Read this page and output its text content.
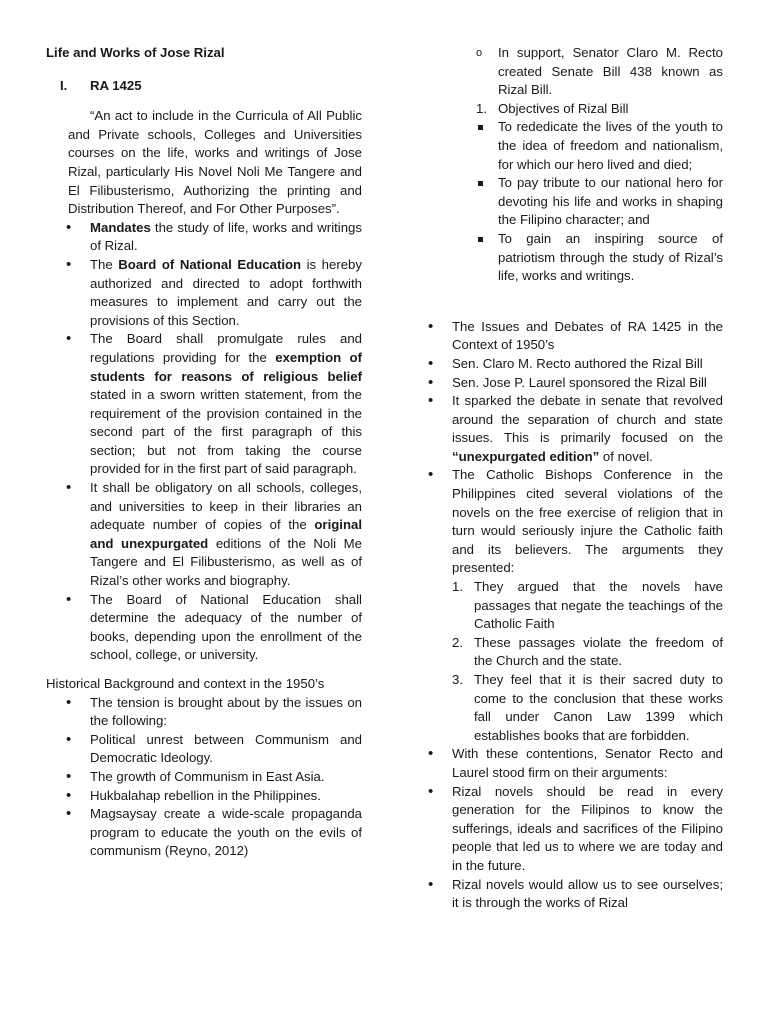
Life and Works of Jose Rizal

I.	RA 1425

“An act to include in the Curricula of All Public and Private schools, Colleges and Universities courses on the life, works and writings of Jose Rizal, particularly His Novel Noli Me Tangere and El Filibusterismo, Authorizing the printing and Distribution Thereof, and For Other Purposes”.

• Mandates the study of life, works and writings of Rizal.
• The Board of National Education is hereby authorized and directed to adopt forthwith measures to implement and carry out the provisions of this Section.
• The Board shall promulgate rules and regulations providing for the exemption of students for reasons of religious belief stated in a sworn written statement, from the requirement of the provision contained in the second part of the first paragraph of this section; but not from taking the course provided for in the first part of said paragraph.
• It shall be obligatory on all schools, colleges, and universities to keep in their libraries an adequate number of copies of the original and unexpurgated editions of the Noli Me Tangere and El Filibusterismo, as well as of Rizal’s other works and biography.
• The Board of National Education shall determine the adequacy of the number of books, depending upon the enrollment of the school, college, or university.

Historical Background and context in the 1950’s

• The tension is brought about by the issues on the following:
• Political unrest between Communism and Democratic Ideology.
• The growth of Communism in East Asia.
• Hukbalahap rebellion in the Philippines.
• Magsaysay create a wide-scale propaganda program to educate the youth on the evils of communism (Reyno, 2012)

o In support, Senator Claro M. Recto created Senate Bill 438 known as Rizal Bill.

1. Objectives of Rizal Bill
To rededicate the lives of the youth to the idea of freedom and nationalism, for which our hero lived and died;
To pay tribute to our national hero for devoting his life and works in shaping the Filipino character; and
To gain an inspiring source of patriotism through the study of Rizal’s life, works and writings.
• The Issues and Debates of RA 1425 in the Context of 1950’s
• Sen. Claro M. Recto authored the Rizal Bill
• Sen. Jose P. Laurel sponsored the Rizal Bill
• It sparked the debate in senate that revolved around the separation of church and state issues. This is primarily focused on the “unexpurgated edition” of novel.
• The Catholic Bishops Conference in the Philippines cited several violations of the novels on the free exercise of religion that in turn would seriously injure the Catholic faith and its believers. The arguments they presented:
1. They argued that the novels have passages that negate the teachings of the Catholic Faith
2. These passages violate the freedom of the Church and the state.
3. They feel that it is their sacred duty to come to the conclusion that these works fall under Canon Law 1399 which establishes books that are forbidden.
• With these contentions, Senator Recto and Laurel stood firm on their arguments:
• Rizal novels should be read in every generation for the Filipinos to know the sufferings, ideals and sacrifices of the Filipino people that led us to where we are today and in the future.
• Rizal novels would allow us to see ourselves; it is through the works of Rizal
